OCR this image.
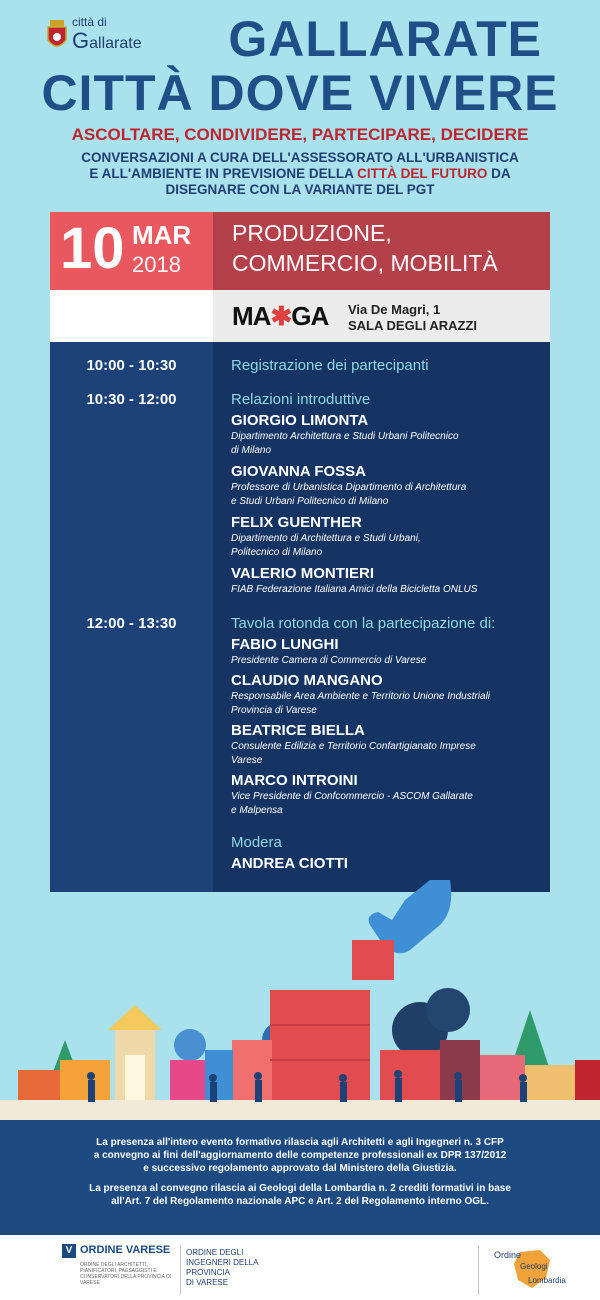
città di
Gallarate	GALLARATE
CITTÀ DOVE VIVERE
ASCOLTARE, CONDIVIDERE, PARTECIPARE, DECIDERE
CONVERSAZIONI A CURA DELL'ASSESSORATO ALL'URBANISTICA
E ALL'AMBIENTE IN PREVISIONE DELLA CITTÀ DEL FUTURO DA
DISEGNARE CON LA VARIANTE DEL PGT
10 MAR
2018
PRODUZIONE,
COMMERCIO, MOBILITÀ
MA✱GA Via De Magri, 1
SALA DEGLI ARAZZI
10:00 - 10:30	Registrazione dei partecipanti
10:30 - 12:00	Relazioni introduttive
GIORGIO LIMONTA
Dipartimento Architettura e Studi Urbani Politecnico
di Milano
GIOVANNA FOSSA
Professore di Urbanistica Dipartimento di Architettura
e Studi Urbani Politecnico di Milano
FELIX GUENTHER
Dipartimento di Architettura e Studi Urbani,
Politecnico di Milano
VALERIO MONTIERI
FIAB Federazione Italiana Amici della Bicicletta ONLUS
12:00 - 13:30	Tavola rotonda con la partecipazione di:
FABIO LUNGHI
Presidente Camera di Commercio di Varese
CLAUDIO MANGANO
Responsabile Area Ambiente e Territorio Unione Industriali
Provincia di Varese
BEATRICE BIELLA
Consulente Edilizia e Territorio Confartigianato Imprese
Varese
MARCO INTROINI
Vice Presidente di Confcommercio - ASCOM Gallarate
e Malpensa
Modera
ANDREA CIOTTI
La presenza all'intero evento formativo rilascia agli Architetti e agli Ingegneri n. 3 CFP
a convegno ai fini dell'aggiornamento delle competenze professionali ex DPR 137/2012
e successivo regolamento approvato dal Ministero della Giustizia.
La presenza al convegno rilascia ai Geologi della Lombardia n. 2 crediti formativi in base
all'Art. 7 del Regolamento nazionale APC e Art. 2 del Regolamento interno OGL.
V ORDINE VARESE
ORDINE DEGLI ARCHITETTI, PIANIFICATORI, PAESAGGISTI E CONSERVATORI DELLA PROVINCIA DI VARESE
ORDINE DEGLI
INGEGNERI DELLA
PROVINCIA
DI VARESE
Ordine
Geologi
Lombardia
